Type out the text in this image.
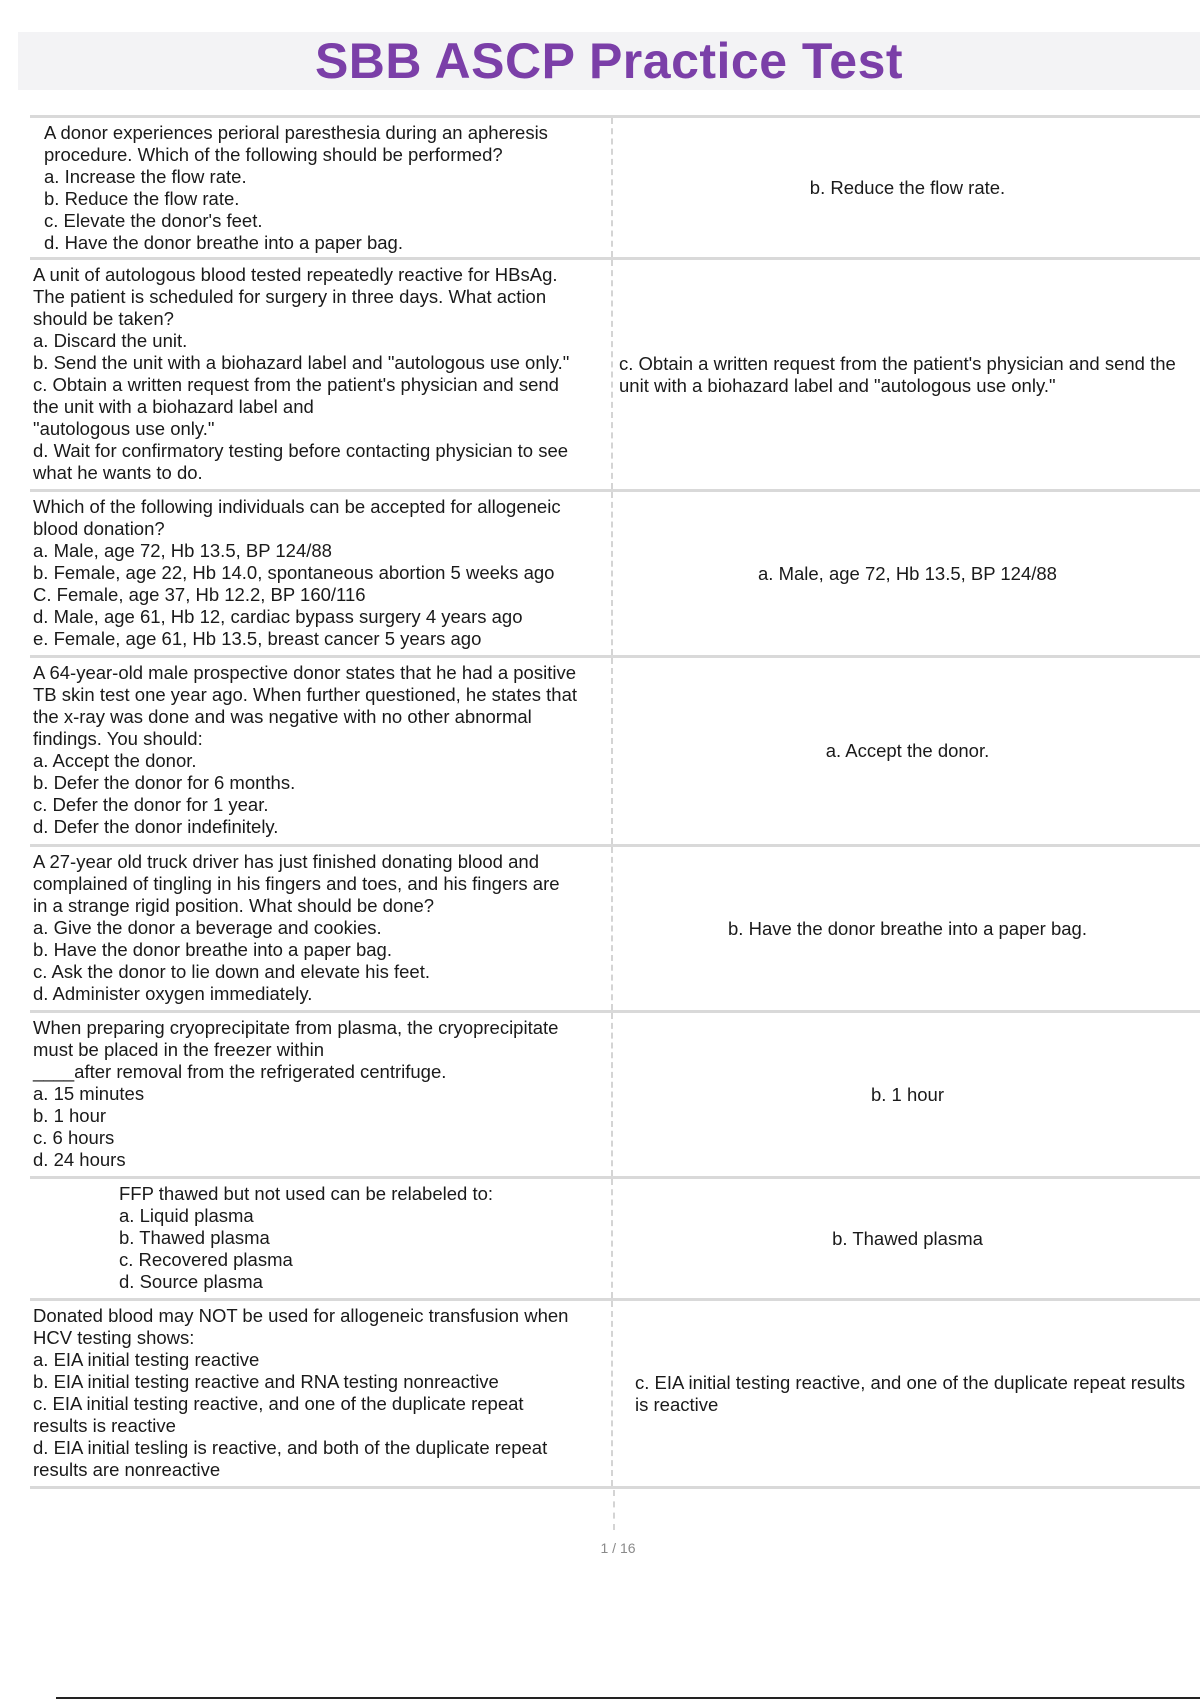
SBB ASCP Practice Test
A donor experiences perioral paresthesia during an apheresis
procedure. Which of the following should be performed?
a. Increase the flow rate.
b. Reduce the flow rate.
c. Elevate the donor's feet.
d. Have the donor breathe into a paper bag.
b. Reduce the flow rate.
A unit of autologous blood tested repeatedly reactive for HBsAg.
The patient is scheduled for surgery in three days. What action
should be taken?
a. Discard the unit.
b. Send the unit with a biohazard label and "autologous use only."
c. Obtain a written request from the patient's physician and send
the unit with a biohazard label and
"autologous use only."
d. Wait for confirmatory testing before contacting physician to see
what he wants to do.
c. Obtain a written request from the patient's physician and send the unit with a biohazard label and "autologous use only."
Which of the following individuals can be accepted for allogeneic
blood donation?
a. Male, age 72, Hb 13.5, BP 124/88
b. Female, age 22, Hb 14.0, spontaneous abortion 5 weeks ago
C. Female, age 37, Hb 12.2, BP 160/116
d. Male, age 61, Hb 12, cardiac bypass surgery 4 years ago
e. Female, age 61, Hb 13.5, breast cancer 5 years ago
a. Male, age 72, Hb 13.5, BP 124/88
A 64-year-old male prospective donor states that he had a positive
TB skin test one year ago. When further questioned, he states that
the x-ray was done and was negative with no other abnormal
findings. You should:
a. Accept the donor.
b. Defer the donor for 6 months.
c. Defer the donor for 1 year.
d. Defer the donor indefinitely.
a. Accept the donor.
A 27-year old truck driver has just finished donating blood and
complained of tingling in his fingers and toes, and his fingers are
in a strange rigid position. What should be done?
a. Give the donor a beverage and cookies.
b. Have the donor breathe into a paper bag.
c. Ask the donor to lie down and elevate his feet.
d. Administer oxygen immediately.
b. Have the donor breathe into a paper bag.
When preparing cryoprecipitate from plasma, the cryoprecipitate
must be placed in the freezer within
____after removal from the refrigerated centrifuge.
a. 15 minutes
b. 1 hour
c. 6 hours
d. 24 hours
b. 1 hour
FFP thawed but not used can be relabeled to:
a. Liquid plasma
b. Thawed plasma
c. Recovered plasma
d. Source plasma
b. Thawed plasma
Donated blood may NOT be used for allogeneic transfusion when
HCV testing shows:
a. EIA initial testing reactive
b. EIA initial testing reactive and RNA testing nonreactive
c. EIA initial testing reactive, and one of the duplicate repeat
results is reactive
d. EIA initial tesling is reactive, and both of the duplicate repeat
results are nonreactive
c. EIA initial testing reactive, and one of the duplicate repeat results is reactive
1 / 16
